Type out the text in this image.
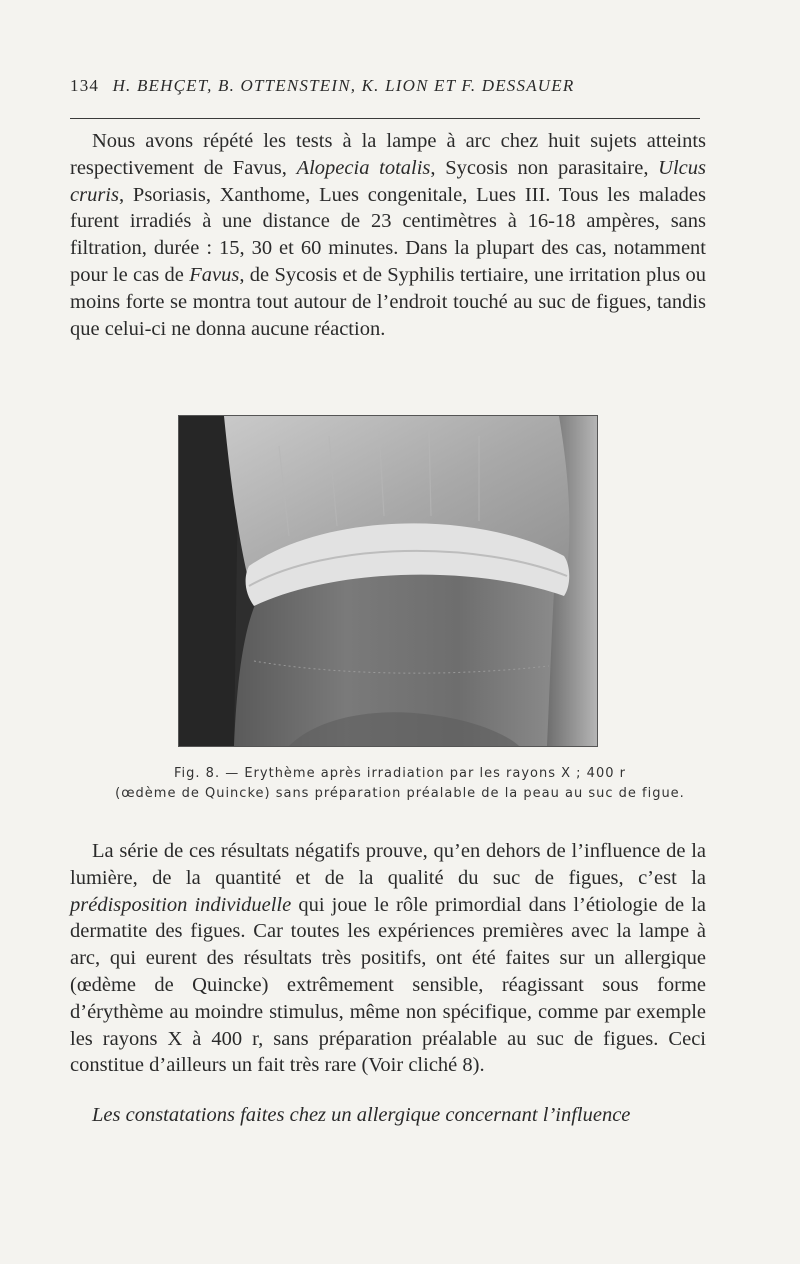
134 H. BEHÇET, B. OTTENSTEIN, K. LION ET F. DESSAUER

Nous avons répété les tests à la lampe à arc chez huit sujets atteints respectivement de Favus, Alopecia totalis, Sycosis non parasitaire, Ulcus cruris, Psoriasis, Xanthome, Lues congenitale, Lues III. Tous les malades furent irradiés à une distance de 23 centimètres à 16-18 ampères, sans filtration, durée : 15, 30 et 60 minutes. Dans la plupart des cas, notamment pour le cas de Favus, de Sycosis et de Syphilis tertiaire, une irritation plus ou moins forte se montra tout autour de l’endroit touché au suc de figues, tandis que celui-ci ne donna aucune réaction.

Fig. 8. — Erythème après irradiation par les rayons X ; 400 r
(œdème de Quincke) sans préparation préalable de la peau au suc de figue.

La série de ces résultats négatifs prouve, qu’en dehors de l’influence de la lumière, de la quantité et de la qualité du suc de figues, c’est la prédisposition individuelle qui joue le rôle primordial dans l’étiologie de la dermatite des figues. Car toutes les expériences premières avec la lampe à arc, qui eurent des résultats très positifs, ont été faites sur un allergique (œdème de Quincke) extrêmement sensible, réagissant sous forme d’érythème au moindre stimulus, même non spécifique, comme par exemple les rayons X à 400 r, sans préparation préalable au suc de figues. Ceci constitue d’ailleurs un fait très rare (Voir cliché 8).

Les constatations faites chez un allergique concernant l’influence
